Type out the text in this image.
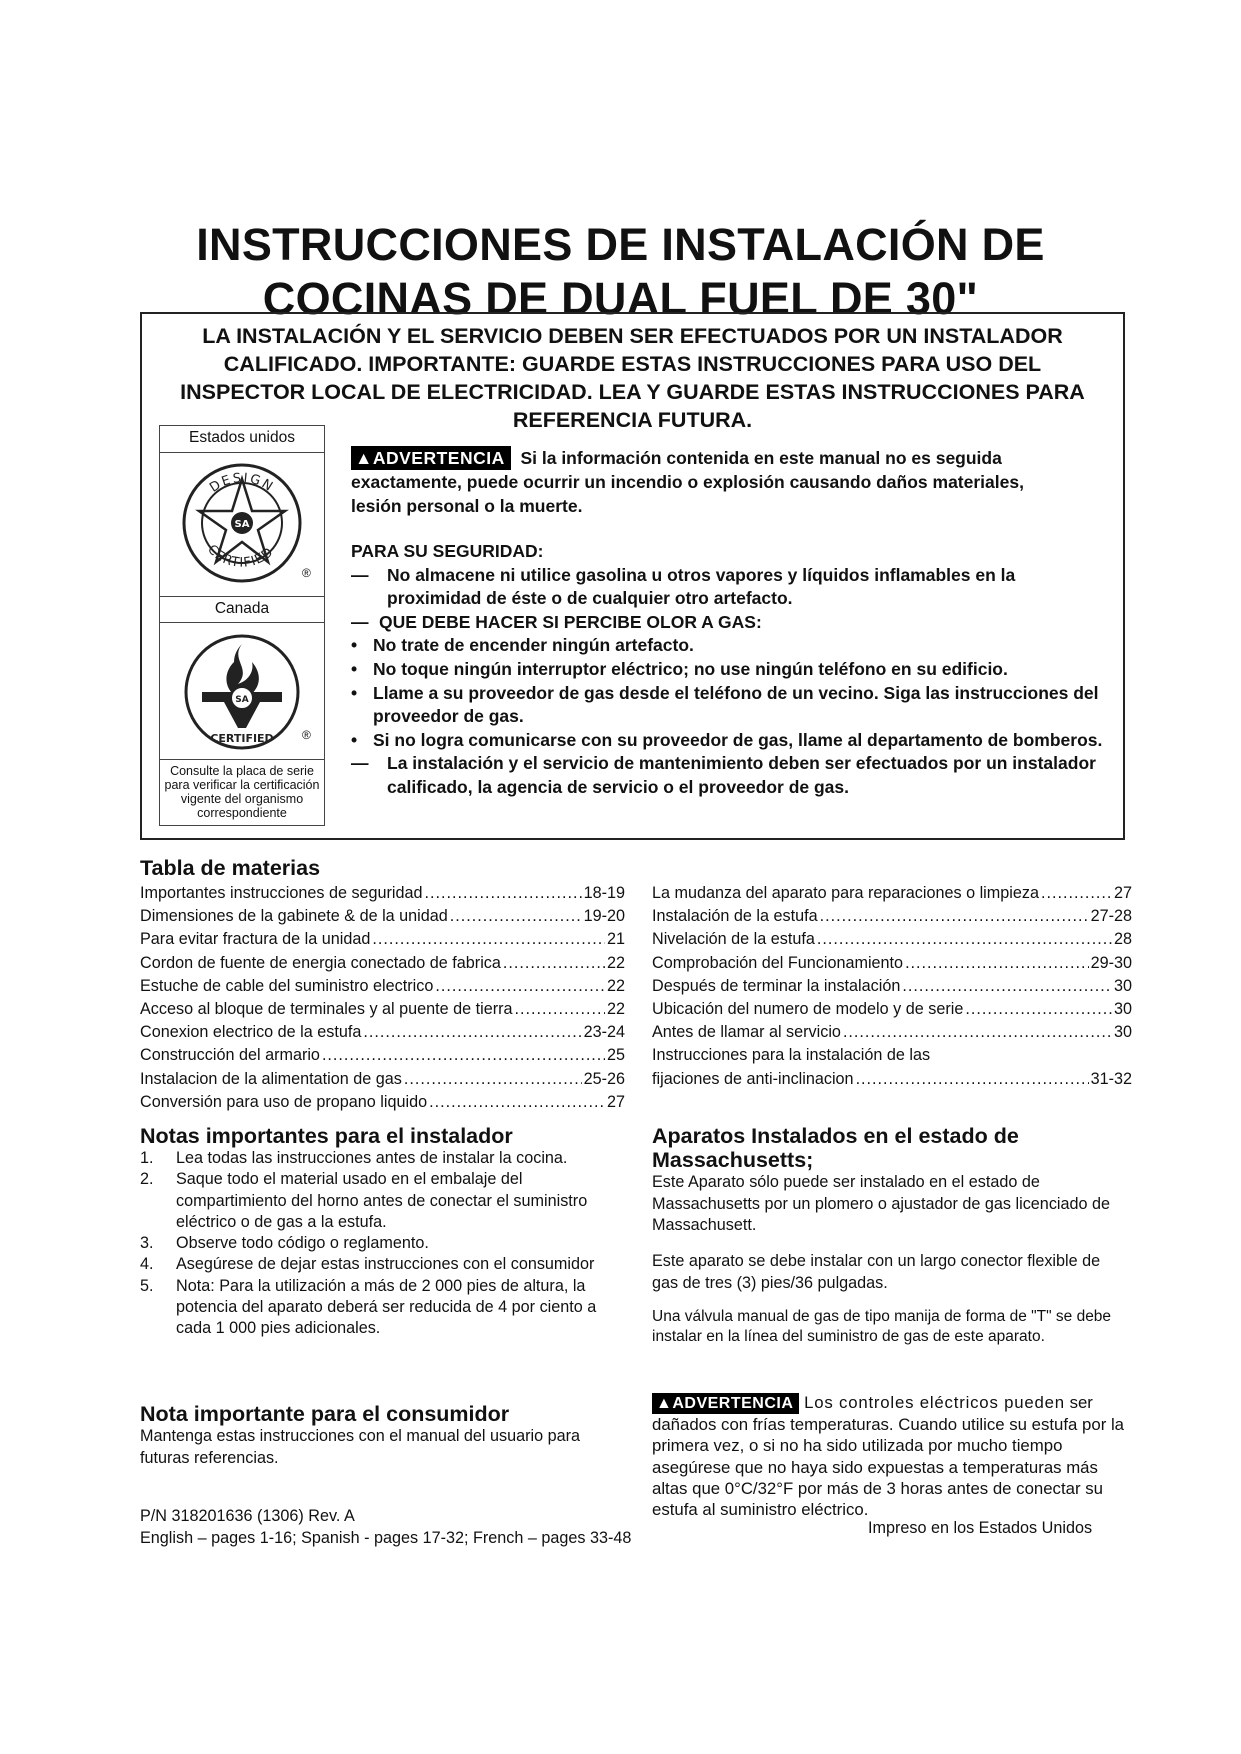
INSTRUCCIONES DE INSTALACIÓN DE
COCINAS DE DUAL FUEL DE 30"
LA INSTALACIÓN Y EL SERVICIO DEBEN SER EFECTUADOS POR UN INSTALADOR
CALIFICADO. IMPORTANTE: GUARDE ESTAS INSTRUCCIONES PARA USO DEL
INSPECTOR LOCAL DE ELECTRICIDAD. LEA Y GUARDE ESTAS INSTRUCCIONES PARA
REFERENCIA FUTURA.
Estados unidos
SA
DESIGN
CERTIFIED
®
Canada
SA
CERTIFIED ®
Consulte la placa de serie para verificar la certificación vigente del organismo correspondiente

▲ADVERTENCIA Si la información contenida en este manual no es seguida

exactamente, puede ocurrir un incendio o explosión causando daños materiales,

lesión personal o la muerte.

PARA SU SEGURIDAD:
— No almacene ni utilice gasolina u otros vapores y líquidos inflamables en la proximidad de éste o de cualquier otro artefacto.
— QUE DEBE HACER SI PERCIBE OLOR A GAS:
• No trate de encender ningún artefacto.
• No toque ningún interruptor eléctrico; no use ningún teléfono en su edificio.
• Llame a su proveedor de gas desde el teléfono de un vecino. Siga las instrucciones del proveedor de gas.
• Si no logra comunicarse con su proveedor de gas, llame al departamento de bomberos.
— La instalación y el servicio de mantenimiento deben ser efectuados por un instalador calificado, la agencia de servicio o el proveedor de gas.
Tabla de materias
Importantes instrucciones de seguridad .....	18-19
Dimensiones de la gabinete & de la unidad .....	19-20
Para evitar fractura de la unidad .....	21
Cordon de fuente de energia conectado de fabrica .....	22
Estuche de cable del suministro electrico .....	22
Acceso al bloque de terminales y al puente de tierra .....	22
Conexion electrico de la estufa .....	23-24
Construcción del armario .....	25
Instalacion de la alimentation de gas .....	25-26
Conversión para uso de propano liquido .....	27
La mudanza del aparato para reparaciones o limpieza .....	27
Instalación de la estufa .....	27-28
Nivelación de la estufa .....	28
Comprobación del Funcionamiento .....	29-30
Después de terminar la instalación .....	30
Ubicación del numero de modelo y de serie .....	30
Antes de llamar al servicio .....	30
Instrucciones para la instalación de las
fijaciones de anti-inclinacion .....	31-32
Notas importantes para el instalador
1. Lea todas las instrucciones antes de instalar la cocina.
2. Saque todo el material usado en el embalaje del compartimiento del horno antes de conectar el suministro eléctrico o de gas a la estufa.
3. Observe todo código o reglamento.
4. Asegúrese de dejar estas instrucciones con el consumidor
5. Nota: Para la utilización a más de 2 000 pies de altura, la potencia del aparato deberá ser reducida de 4 por ciento a cada 1 000 pies adicionales.
Nota importante para el consumidor
Mantenga estas instrucciones con el manual del usuario para futuras referencias.
Aparatos Instalados en el estado de Massachusetts;
Este Aparato sólo puede ser instalado en el estado de Massachusetts por un plomero o ajustador de gas licenciado de Massachusett.
Este aparato se debe instalar con un largo conector flexible de gas de tres (3) pies/36 pulgadas.
Una válvula manual de gas de tipo manija de forma de "T" se debe instalar en la línea del suministro de gas de este aparato.
▲ADVERTENCIA Los controles eléctricos pueden ser dañados con frías temperaturas. Cuando utilice su estufa por la primera vez, o si no ha sido utilizada por mucho tiempo asegúrese que no haya sido expuestas a temperaturas más altas que 0°C/32°F por más de 3 horas antes de conectar su estufa al suministro eléctrico.
P/N 318201636 (1306) Rev. A
English – pages 1-16; Spanish - pages 17-32; French – pages 33-48
Impreso en los Estados Unidos
